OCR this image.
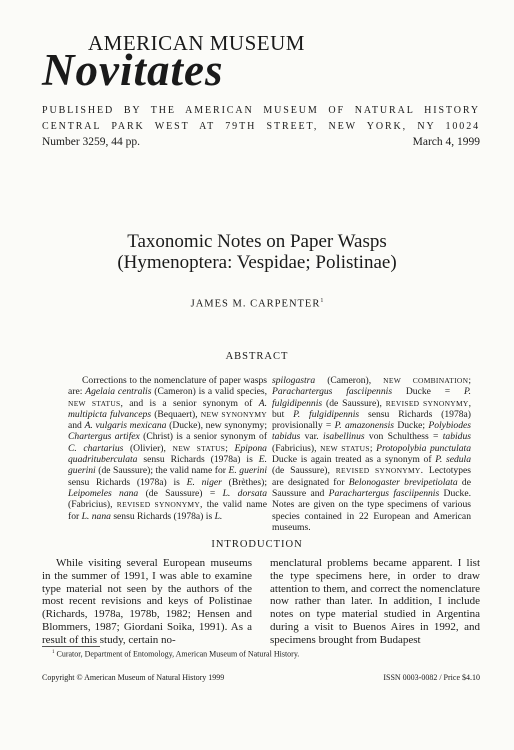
AMERICAN MUSEUM
Novitates
PUBLISHED BY THE AMERICAN MUSEUM OF NATURAL HISTORY
CENTRAL PARK WEST AT 79TH STREET, NEW YORK, NY 10024
Number 3259, 44 pp.	March 4, 1999
Taxonomic Notes on Paper Wasps
(Hymenoptera: Vespidae; Polistinae)
JAMES M. CARPENTER$^1$
ABSTRACT

Corrections to the nomenclature of paper wasps are: Agelaia centralis (Cameron) is a valid species, NEW STATUS, and is a senior synonym of A. multipicta fulvanceps (Bequaert), NEW SYNONYMY and A. vulgaris mexicana (Ducke), new synonymy; Chartergus artifex (Christ) is a senior synonym of C. chartarius (Olivier), NEW STATUS; Epipona quadrituberculata sensu Richards (1978a) is E. guerini (de Saussure); the valid name for E. guerini sensu Richards (1978a) is E. niger (Brèthes); Leipomeles nana (de Saussure) = L. dorsata (Fabricius), REVISED SYNONYMY, the valid name for L. nana sensu Richards (1978a) is L.

spilogastra (Cameron), NEW COMBINATION; Parachartergus fasciipennis Ducke = P. fulgidipennis (de Saussure), REVISED SYNONYMY, but P. fulgidipennis sensu Richards (1978a) provisionally = P. amazonensis Ducke; Polybiodes tabidus var. isabellinus von Schulthess = tabidus (Fabricius), NEW STATUS; Protopolybia punctulata Ducke is again treated as a synonym of P. sedula (de Saussure), REVISED SYNONYMY. Lectotypes are designated for Belonogaster brevipetiolata de Saussure and Parachartergus fasciipennis Ducke. Notes are given on the type specimens of various species contained in 22 European and American museums.

INTRODUCTION

While visiting several European museums in the summer of 1991, I was able to examine type material not seen by the authors of the most recent revisions and keys of Polistinae (Richards, 1978a, 1978b, 1982; Hensen and Blommers, 1987; Giordani Soika, 1991). As a result of this study, certain no-

menclatural problems became apparent. I list the type specimens here, in order to draw attention to them, and correct the nomenclature now rather than later. In addition, I include notes on type material studied in Argentina during a visit to Buenos Aires in 1992, and specimens brought from Budapest

$^1$ Curator, Department of Entomology, American Museum of Natural History.
Copyright © American Museum of Natural History 1999	ISSN 0003-0082 / Price $4.10
